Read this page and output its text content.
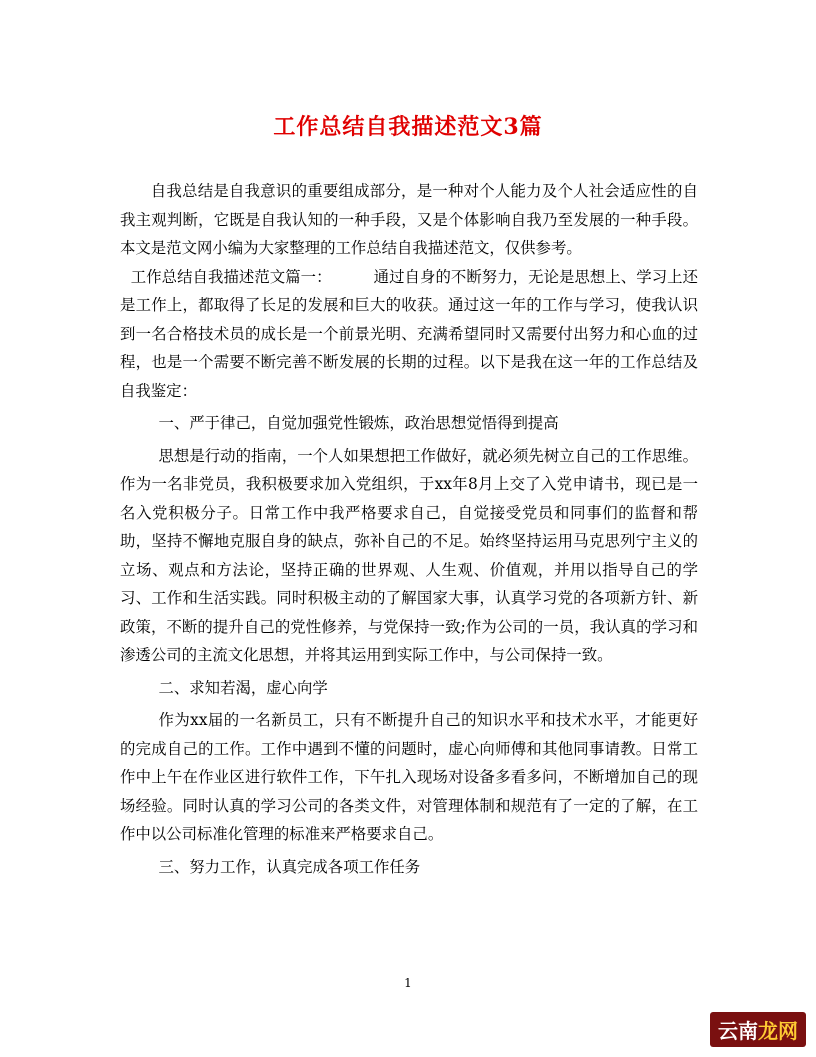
工作总结自我描述范文3篇

自我总结是自我意识的重要组成部分，是一种对个人能力及个人社会适应性的自我主观判断，它既是自我认知的一种手段，又是个体影响自我乃至发展的一种手段。本文是范文网小编为大家整理的工作总结自我描述范文，仅供参考。

工作总结自我描述范文篇一：	通过自身的不断努力，无论是思想上、学习上还是工作上，都取得了长足的发展和巨大的收获。通过这一年的工作与学习，使我认识到一名合格技术员的成长是一个前景光明、充满希望同时又需要付出努力和心血的过程，也是一个需要不断完善不断发展的长期的过程。以下是我在这一年的工作总结及自我鉴定：

一、严于律己，自觉加强党性锻炼，政治思想觉悟得到提高

思想是行动的指南，一个人如果想把工作做好，就必须先树立自己的工作思维。作为一名非党员，我积极要求加入党组织，于xx年8月上交了入党申请书，现已是一名入党积极分子。日常工作中我严格要求自己，自觉接受党员和同事们的监督和帮助，坚持不懈地克服自身的缺点，弥补自己的不足。始终坚持运用马克思列宁主义的立场、观点和方法论，坚持正确的世界观、人生观、价值观，并用以指导自己的学习、工作和生活实践。同时积极主动的了解国家大事，认真学习党的各项新方针、新政策，不断的提升自己的党性修养，与党保持一致;作为公司的一员，我认真的学习和渗透公司的主流文化思想，并将其运用到实际工作中，与公司保持一致。

二、求知若渴，虚心向学

作为xx届的一名新员工，只有不断提升自己的知识水平和技术水平，才能更好的完成自己的工作。工作中遇到不懂的问题时，虚心向师傅和其他同事请教。日常工作中上午在作业区进行软件工作，下午扎入现场对设备多看多问，不断增加自己的现场经验。同时认真的学习公司的各类文件，对管理体制和规范有了一定的了解，在工作中以公司标准化管理的标准来严格要求自己。

三、努力工作，认真完成各项工作任务

1
云南龙网
